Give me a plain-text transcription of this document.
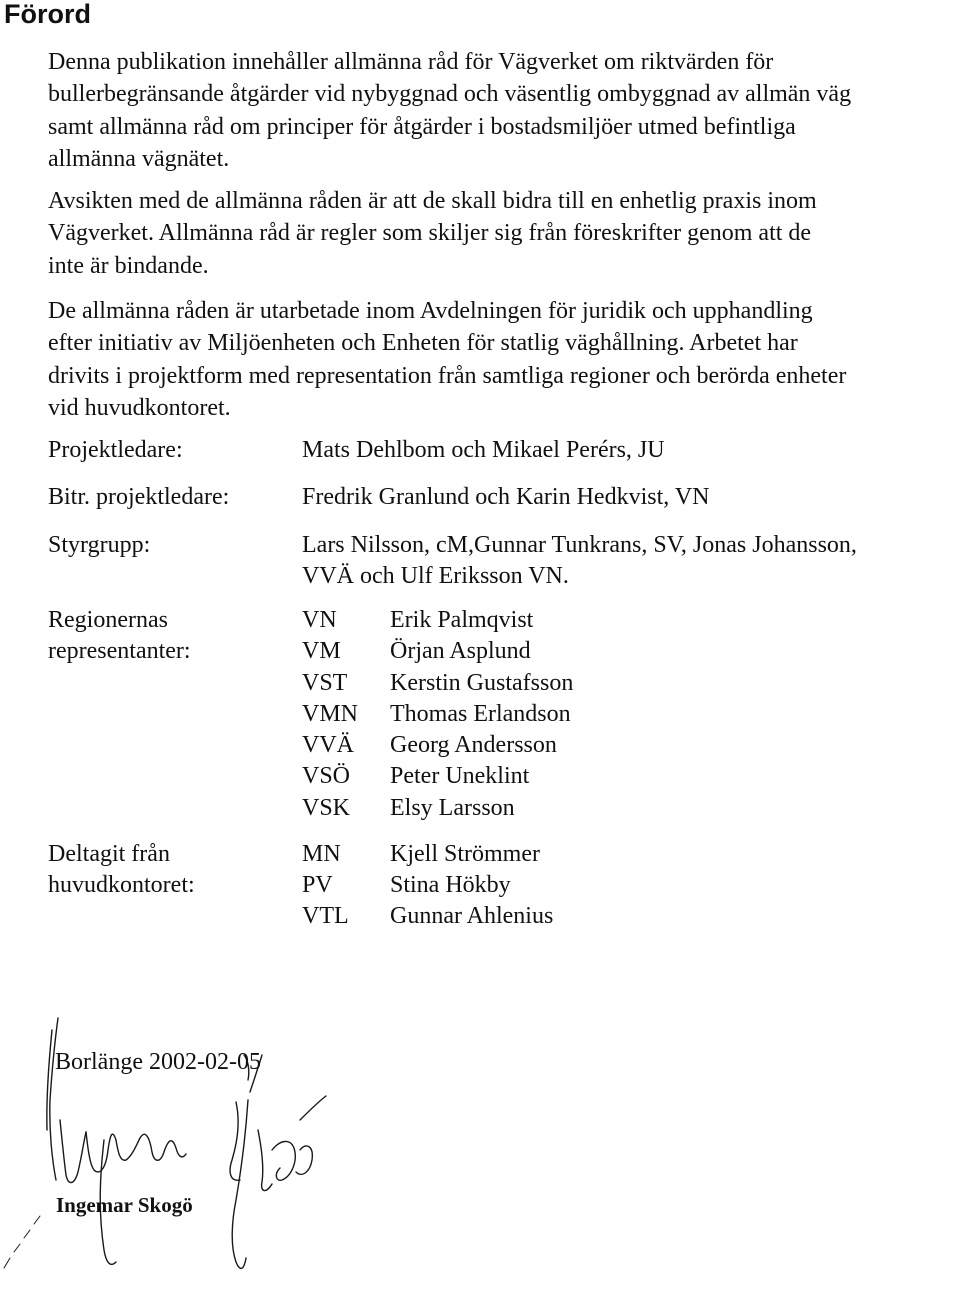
Förord

Denna publikation innehåller allmänna råd för Vägverket om riktvärden för
bullerbegränsande åtgärder vid nybyggnad och väsentlig ombyggnad av allmän väg
samt allmänna råd om principer för åtgärder i bostadsmiljöer utmed befintliga
allmänna vägnätet.

Avsikten med de allmänna råden är att de skall bidra till en enhetlig praxis inom
Vägverket. Allmänna råd är regler som skiljer sig från föreskrifter genom att de
inte är bindande.

De allmänna råden är utarbetade inom Avdelningen för juridik och upphandling
efter initiativ av Miljöenheten och Enheten för statlig väghållning. Arbetet har
drivits i projektform med representation från samtliga regioner och berörda enheter
vid huvudkontoret.

Projektledare:	Mats Dehlbom och Mikael Perérs, JU
Bitr. projektledare:	Fredrik Granlund och Karin Hedkvist, VN
Styrgrupp:	Lars Nilsson, cM,Gunnar Tunkrans, SV, Jonas Johansson,
VVÄ och Ulf Eriksson VN.
Regionernas
representanter:
VN Erik Palmqvist
VM Örjan Asplund
VST Kerstin Gustafsson
VMN Thomas Erlandson
VVÄ Georg Andersson
VSÖ Peter Uneklint
VSK Elsy Larsson
Deltagit från
huvudkontoret:
MN Kjell Strömmer
PV Stina Hökby
VTL Gunnar Ahlenius
Borlänge 2002-02-05
Ingemar Skogö
